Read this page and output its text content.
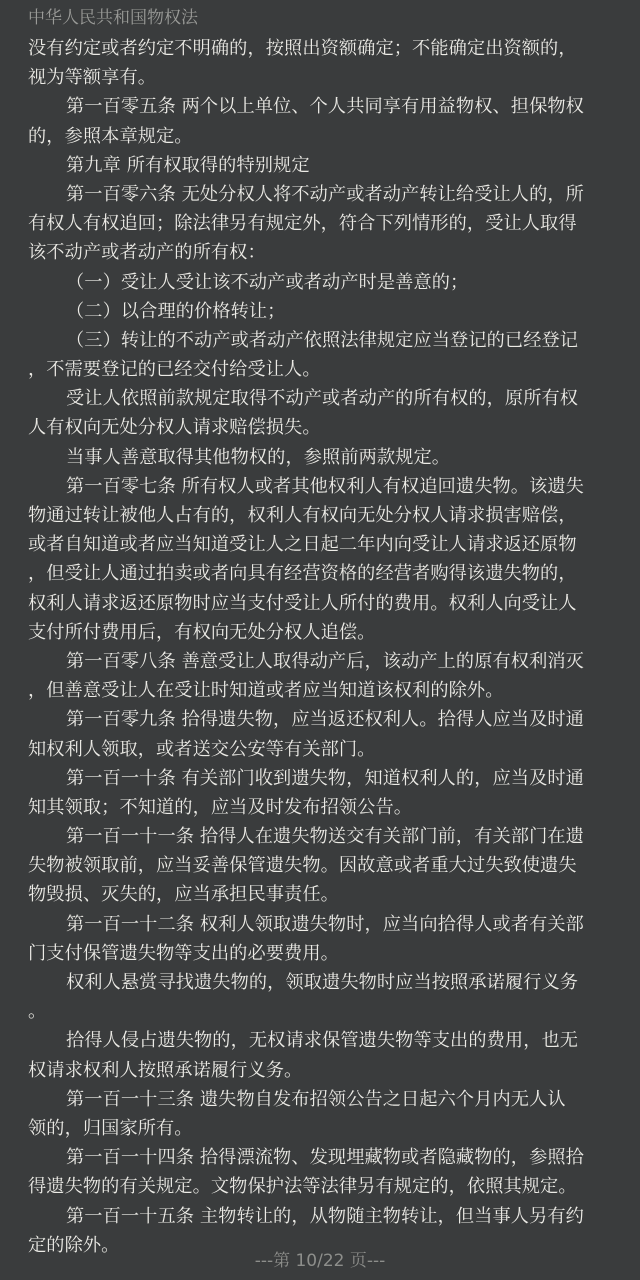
中华人民共和国物权法
没有约定或者约定不明确的，按照出资额确定；不能确定出资额的，
视为等额享有。
第一百零五条 两个以上单位、个人共同享有用益物权、担保物权
的，参照本章规定。
第九章 所有权取得的特别规定
第一百零六条 无处分权人将不动产或者动产转让给受让人的，所
有权人有权追回；除法律另有规定外，符合下列情形的，受让人取得
该不动产或者动产的所有权：
（一）受让人受让该不动产或者动产时是善意的；
（二）以合理的价格转让；
（三）转让的不动产或者动产依照法律规定应当登记的已经登记
，不需要登记的已经交付给受让人。
受让人依照前款规定取得不动产或者动产的所有权的，原所有权
人有权向无处分权人请求赔偿损失。
当事人善意取得其他物权的，参照前两款规定。
第一百零七条 所有权人或者其他权利人有权追回遗失物。该遗失
物通过转让被他人占有的，权利人有权向无处分权人请求损害赔偿，
或者自知道或者应当知道受让人之日起二年内向受让人请求返还原物
，但受让人通过拍卖或者向具有经营资格的经营者购得该遗失物的，
权利人请求返还原物时应当支付受让人所付的费用。权利人向受让人
支付所付费用后，有权向无处分权人追偿。
第一百零八条 善意受让人取得动产后，该动产上的原有权利消灭
，但善意受让人在受让时知道或者应当知道该权利的除外。
第一百零九条 拾得遗失物，应当返还权利人。拾得人应当及时通
知权利人领取，或者送交公安等有关部门。
第一百一十条 有关部门收到遗失物，知道权利人的，应当及时通
知其领取；不知道的，应当及时发布招领公告。
第一百一十一条 拾得人在遗失物送交有关部门前，有关部门在遗
失物被领取前，应当妥善保管遗失物。因故意或者重大过失致使遗失
物毁损、灭失的，应当承担民事责任。
第一百一十二条 权利人领取遗失物时，应当向拾得人或者有关部
门支付保管遗失物等支出的必要费用。
权利人悬赏寻找遗失物的，领取遗失物时应当按照承诺履行义务
。
拾得人侵占遗失物的，无权请求保管遗失物等支出的费用，也无
权请求权利人按照承诺履行义务。
第一百一十三条 遗失物自发布招领公告之日起六个月内无人认
领的，归国家所有。
第一百一十四条 拾得漂流物、发现埋藏物或者隐藏物的，参照拾
得遗失物的有关规定。文物保护法等法律另有规定的，依照其规定。
第一百一十五条 主物转让的，从物随主物转让，但当事人另有约
定的除外。
---第 10/22 页---
